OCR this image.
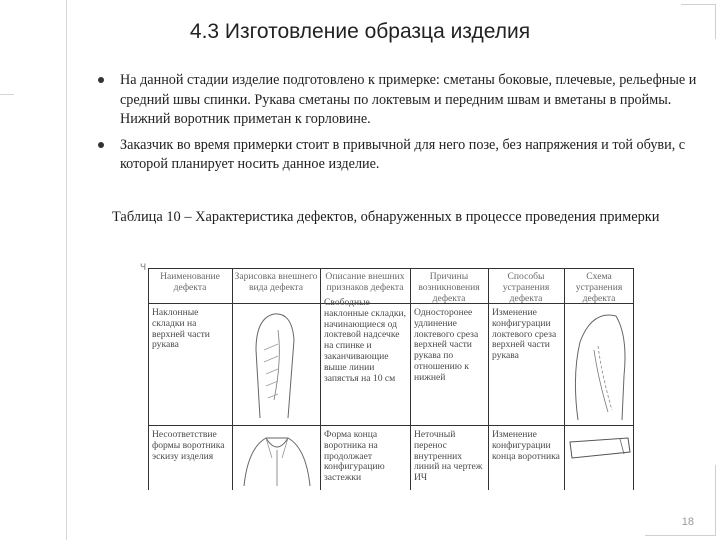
4.3 Изготовление образца изделия
На данной стадии изделие подготовлено к примерке: сметаны боковые, плечевые, рельефные и средний швы спинки. Рукава сметаны по локтевым и передним швам и вметаны в проймы. Нижний воротник приметан к горловине.
Заказчик во время примерки стоит в привычной для него позе, без напряжения и той обуви, с которой планирует носить данное изделие.
Таблица 10 – Характеристика дефектов, обнаруженных в процессе проведения примерки
Ч
Наименование дефекта
Зарисовка внешнего вида дефекта
Описание внешних признаков дефекта
Причины возникновения дефекта
Способы устранения дефекта
Схема устранения дефекта
Наклонные складки на верхней части рукава
Свободные наклонные складки, начинающиеся од локтевой надсечке на спинке и заканчивающие выше линии запястья на 10 см
Односторонее удлинение локтевого среза верхней части рукава по отношению к нижней
Изменение конфигурации локтевого среза верхней части рукава
Несоответствие формы воротника эскизу изделия
Форма конца воротника на продолжает конфигурацию застежки
Неточный перенос внутренних линий на чертеж ИЧ
Изменение конфигурации конца воротника
18
